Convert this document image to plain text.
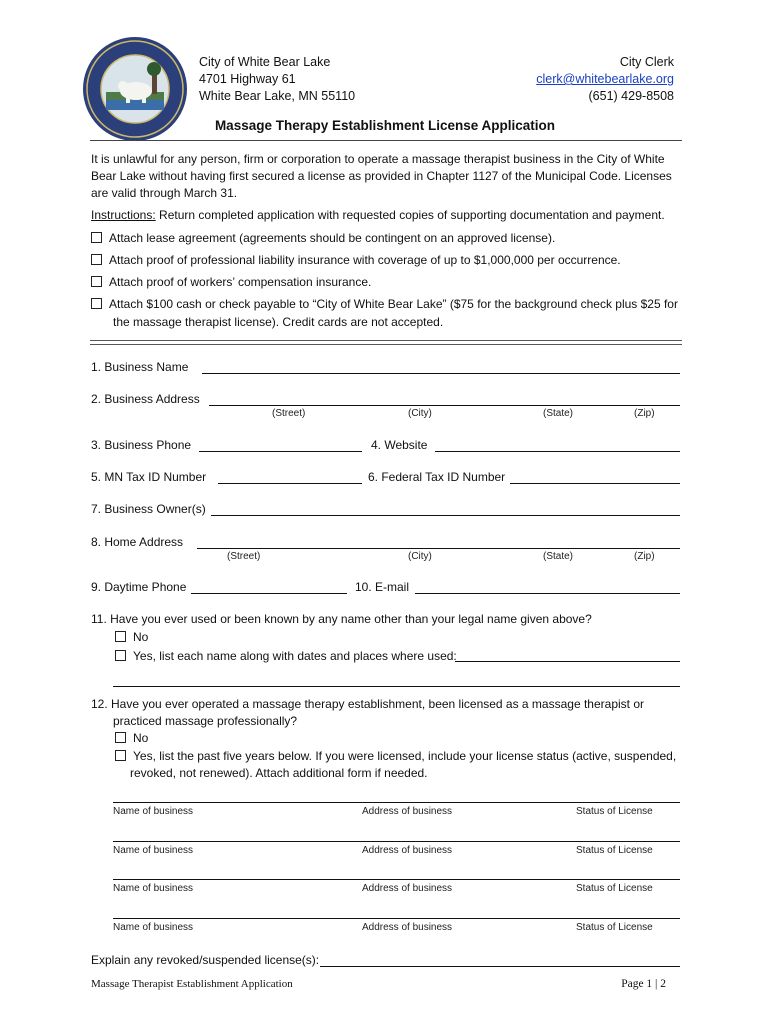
City of White Bear Lake
4701 Highway 61
White Bear Lake, MN 55110
City Clerk
clerk@whitebearlake.org
(651) 429-8508
Massage Therapy Establishment License Application
It is unlawful for any person, firm or corporation to operate a massage therapist business in the City of White Bear Lake without having first secured a license as provided in Chapter 1127 of the Municipal Code. Licenses are valid through March 31.
Instructions: Return completed application with requested copies of supporting documentation and payment.
Attach lease agreement (agreements should be contingent on an approved license).
Attach proof of professional liability insurance with coverage of up to $1,000,000 per occurrence.
Attach proof of workers’ compensation insurance.
Attach $100 cash or check payable to “City of White Bear Lake” ($75 for the background check plus $25 for
the massage therapist license). Credit cards are not accepted.
1. Business Name
2. Business Address
(Street)	(City)	(State)	(Zip)
3. Business Phone	4. Website
5. MN Tax ID Number	6. Federal Tax ID Number
7. Business Owner(s)
8. Home Address
(Street)	(City)	(State)	(Zip)
9. Daytime Phone	10. E-mail
11. Have you ever used or been known by any name other than your legal name given above?
No
Yes, list each name along with dates and places where used:
12. Have you ever operated a massage therapy establishment, been licensed as a massage therapist or
practiced massage professionally?
No
Yes, list the past five years below. If you were licensed, include your license status (active, suspended,
revoked, not renewed). Attach additional form if needed.
Name of business	Address of business	Status of License
Name of business	Address of business	Status of License
Name of business	Address of business	Status of License
Name of business	Address of business	Status of License
Explain any revoked/suspended license(s):
Massage Therapist Establishment Application	Page 1 | 2
